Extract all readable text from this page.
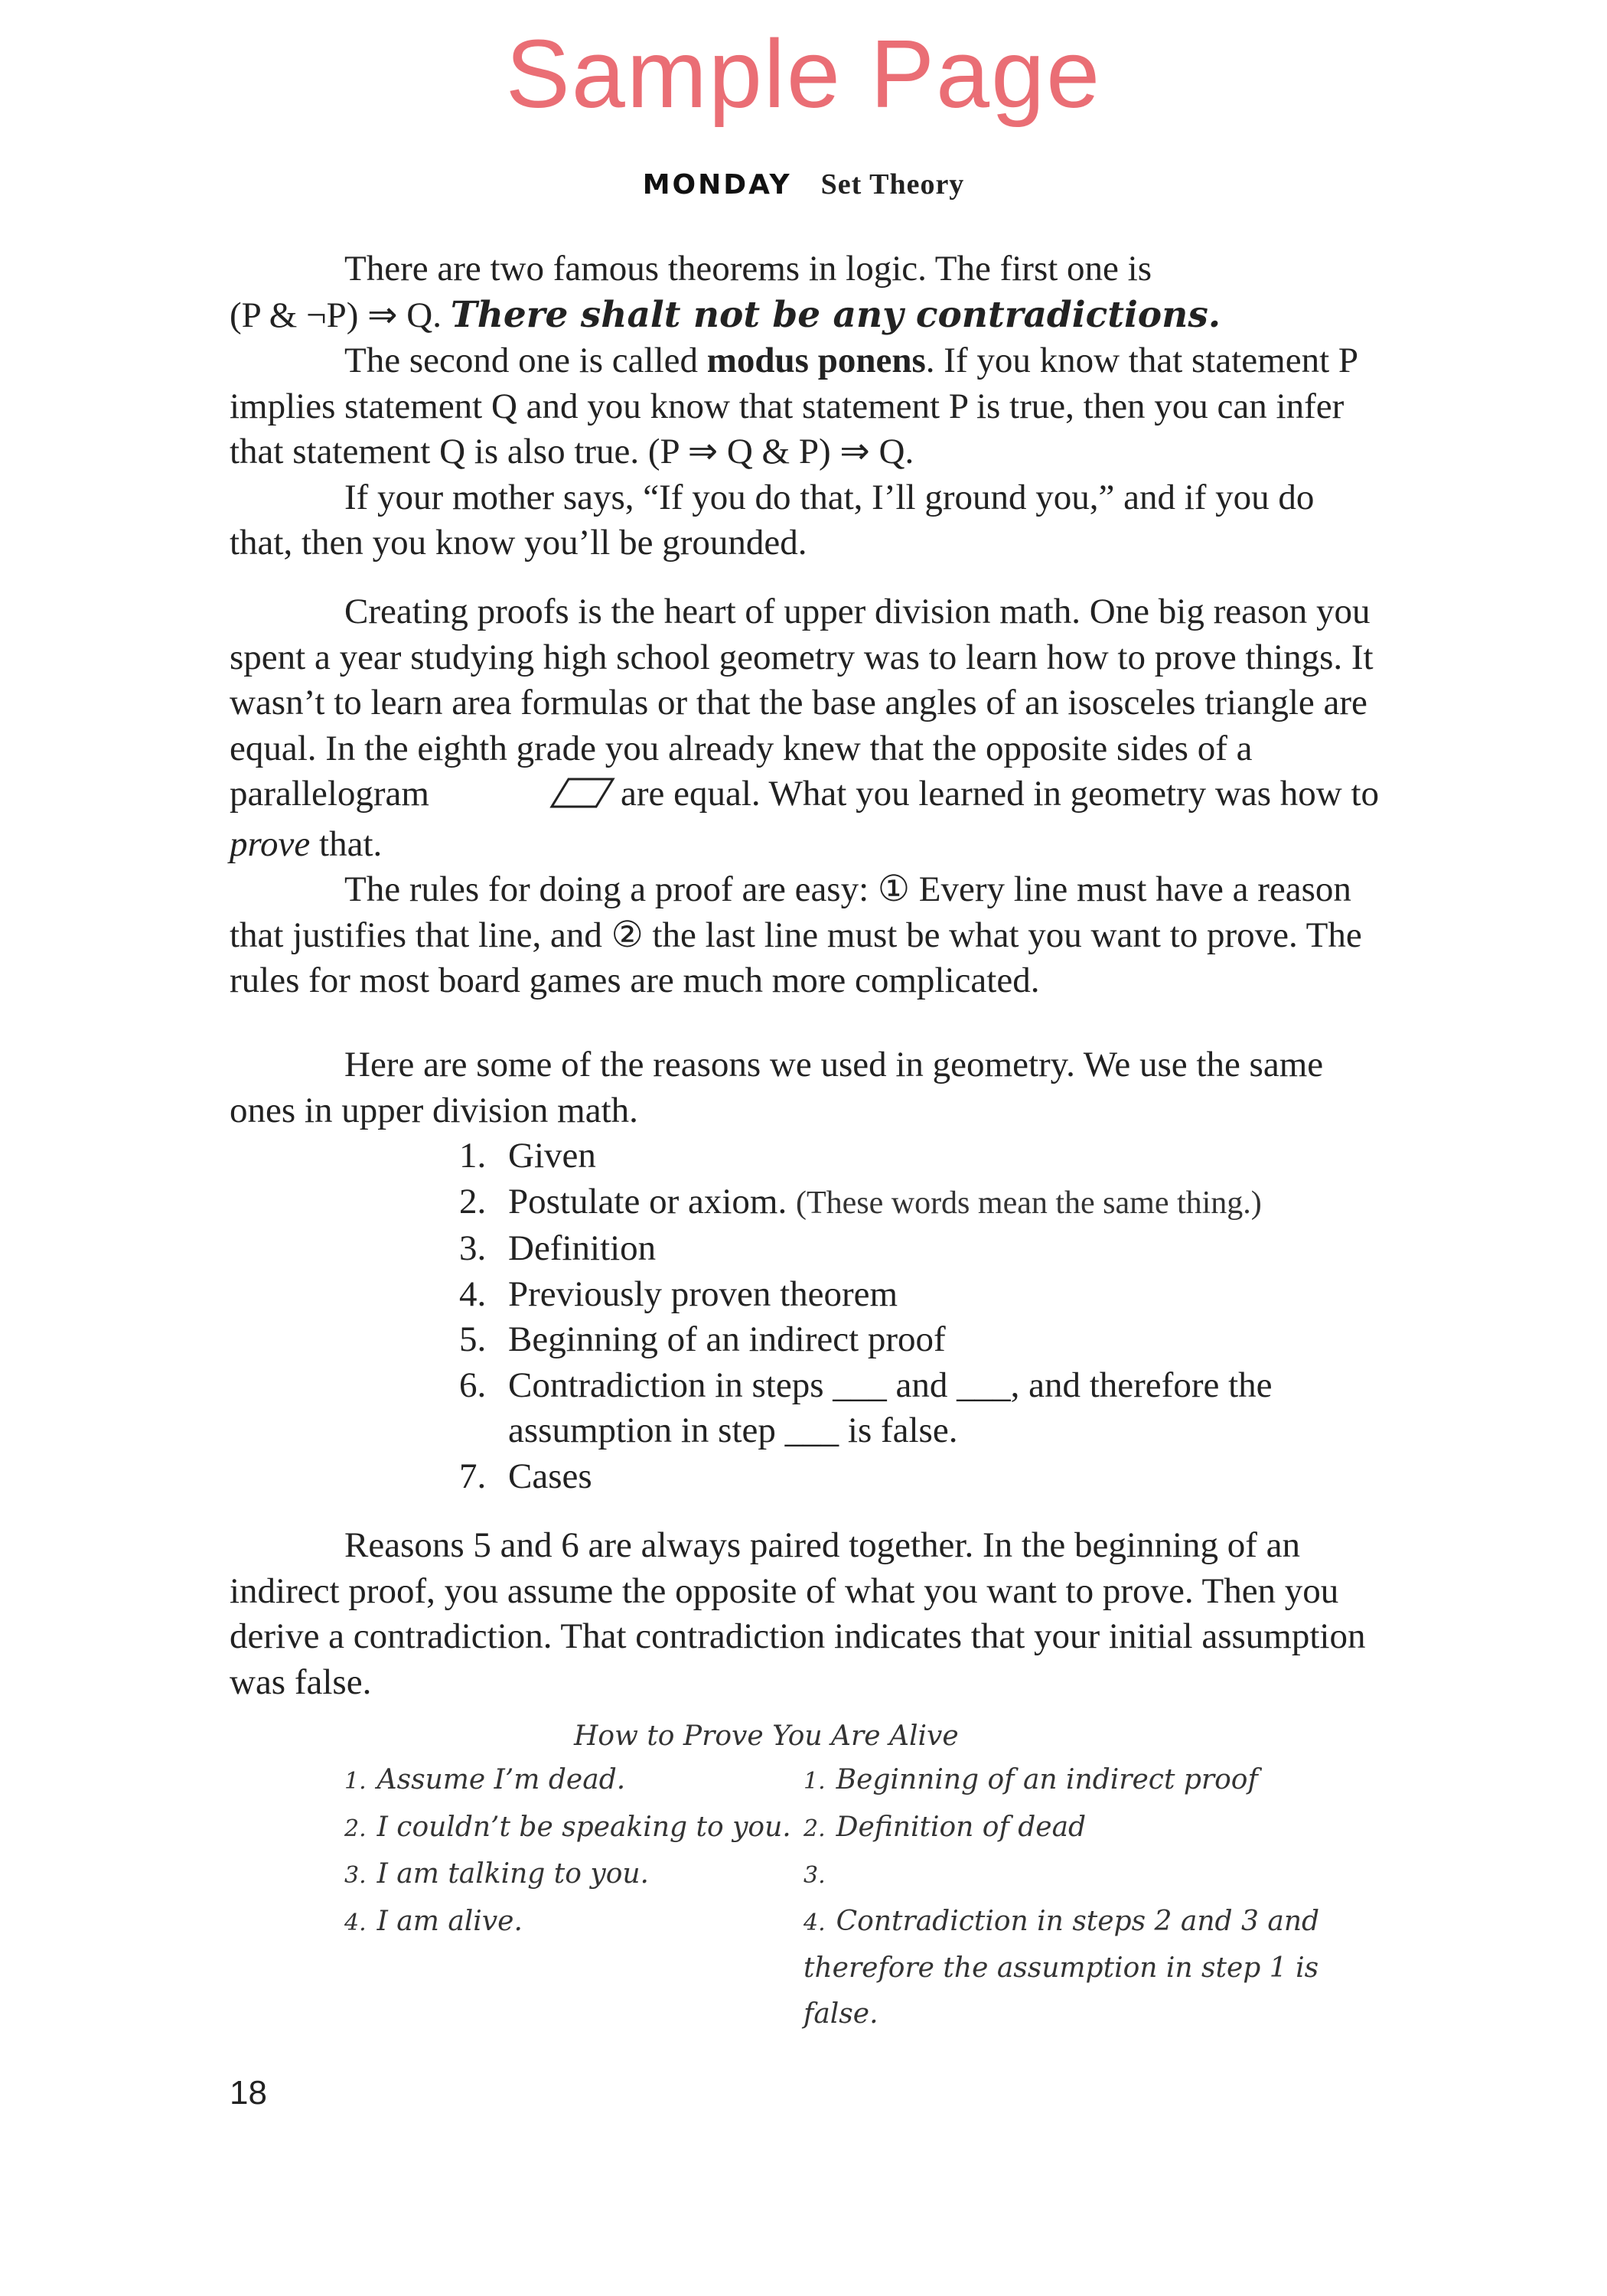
Sample Page
MONDAY Set Theory

There are two famous theorems in logic. The first one is

(P & ¬P) ⇒ Q. There shalt not be any contradictions.

The second one is called modus ponens. If you know that statement P implies statement Q and you know that statement P is true, then you can infer that statement Q is also true. (P ⇒ Q & P) ⇒ Q.

If your mother says, “If you do that, I’ll ground you,” and if you do that, then you know you’ll be grounded.

Creating proofs is the heart of upper division math. One big reason you spent a year studying high school geometry was to learn how to prove things. It wasn’t to learn area formulas or that the base angles of an isosceles triangle are equal. In the eighth grade you already knew that the opposite sides of a parallelogram	are equal. What you learned in geometry was how to prove that.

The rules for doing a proof are easy: ① Every line must have a reason that justifies that line, and ② the last line must be what you want to prove. The rules for most board games are much more complicated.

Here are some of the reasons we used in geometry. We use the same ones in upper division math.

1. Given
2. Postulate or axiom. (These words mean the same thing.)
3. Definition
4. Previously proven theorem
5. Beginning of an indirect proof
6. Contradiction in steps ___ and ___, and therefore the assumption in step ___ is false.
7. Cases

Reasons 5 and 6 are always paired together. In the beginning of an indirect proof, you assume the opposite of what you want to prove. Then you derive a contradiction. That contradiction indicates that your initial assumption was false.

How to Prove You Are Alive
1. Assume I’m dead.
2. I couldn’t be speaking to you.
3. I am talking to you.
4. I am alive.
1. Beginning of an indirect proof
2. Definition of dead
3.
4. Contradiction in steps 2 and 3 and therefore the assumption in step 1 is false.
18
